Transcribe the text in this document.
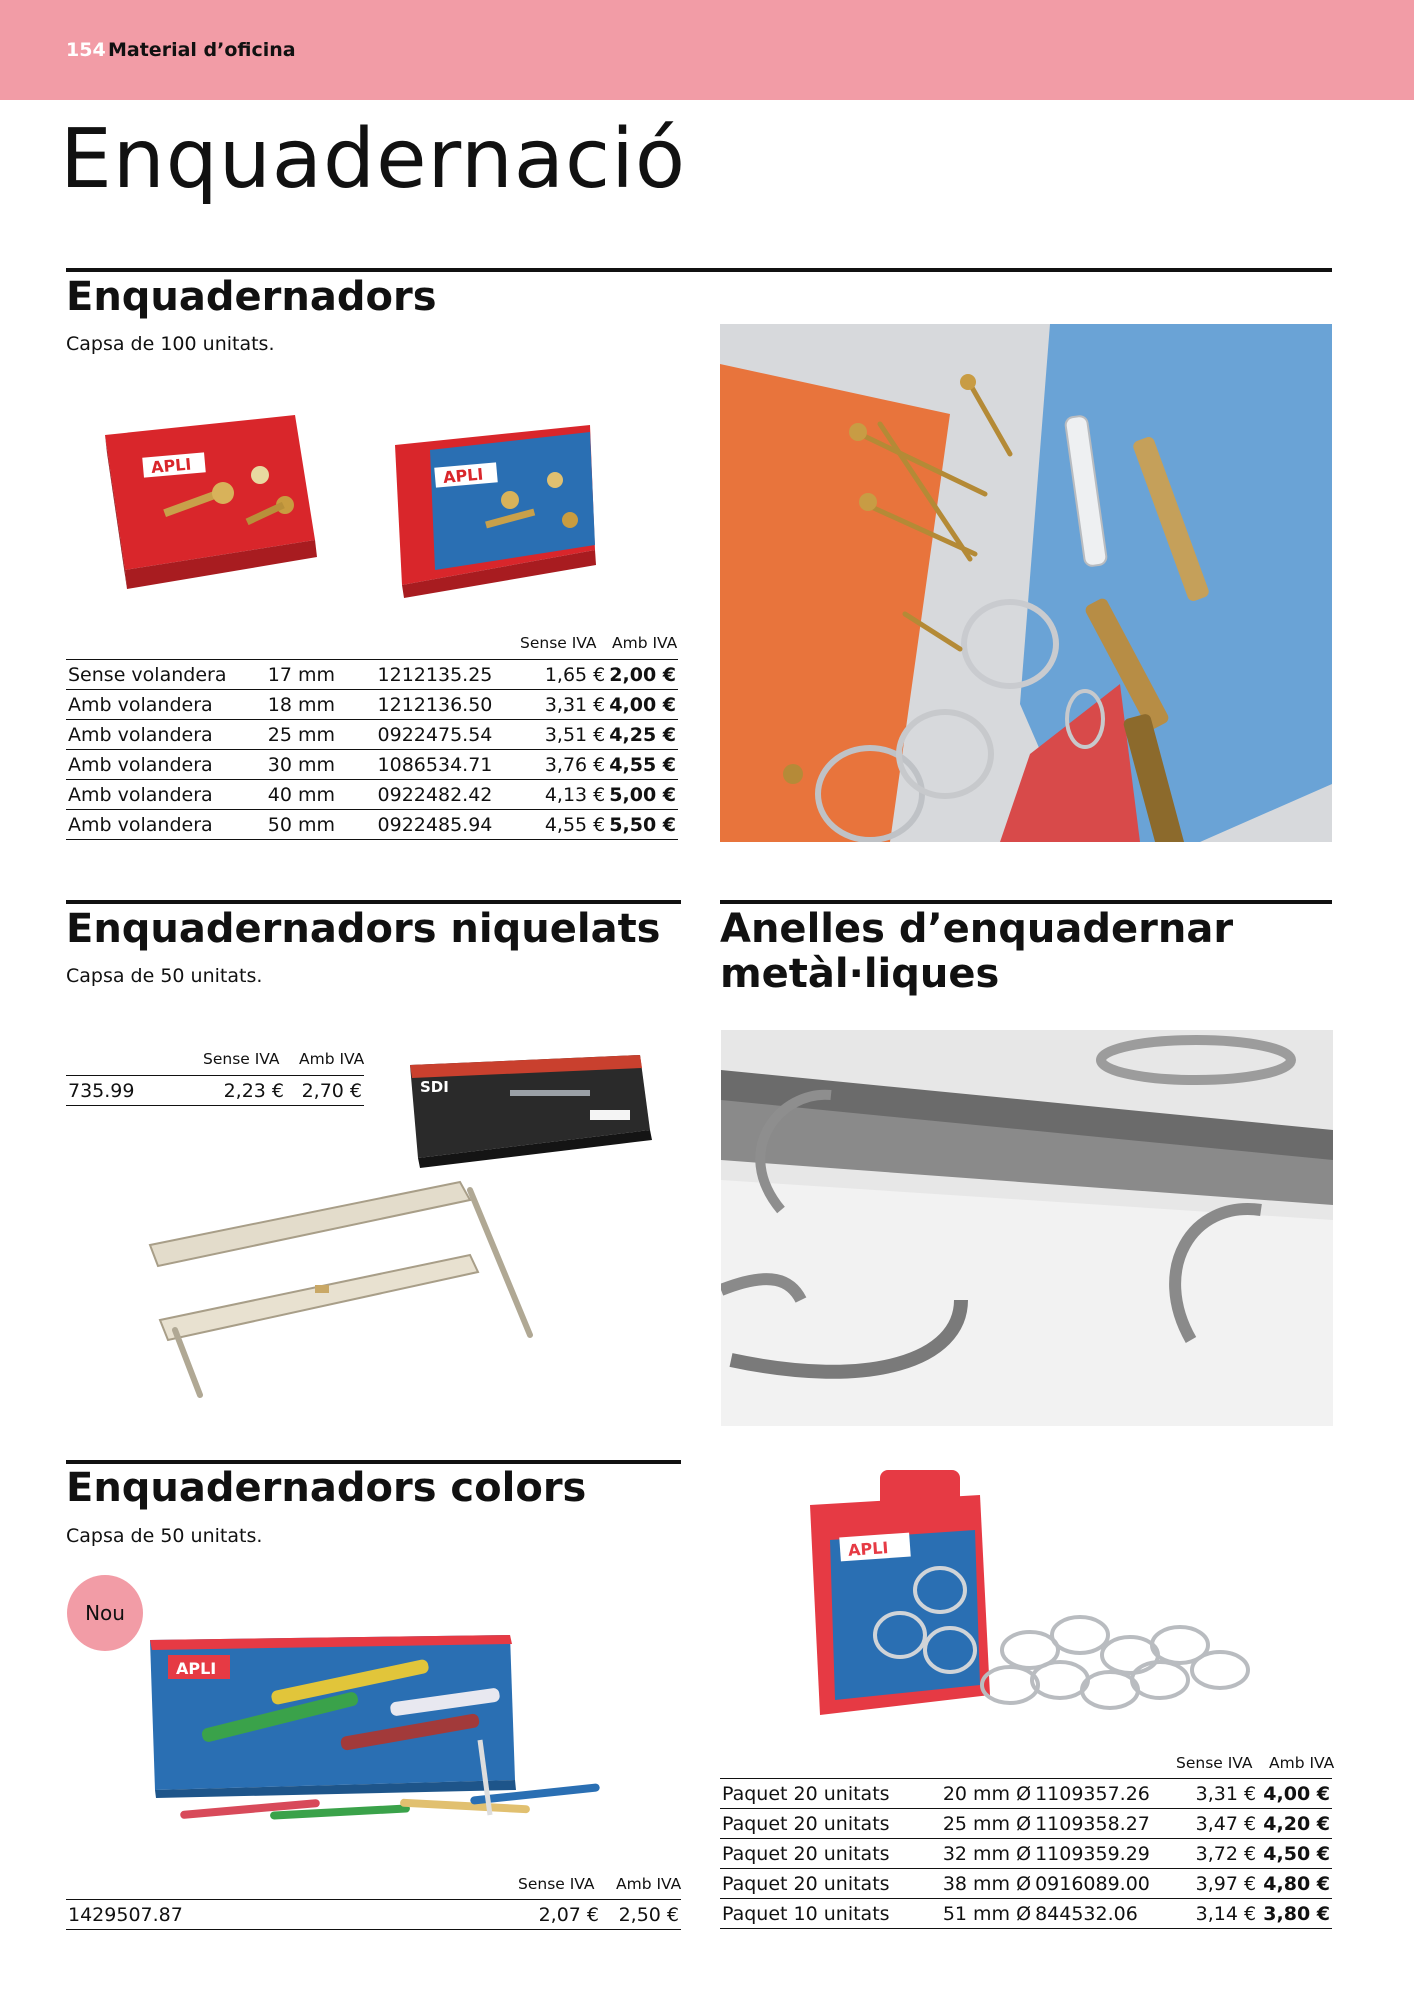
154 Material d’oficina
Enquadernació
Enquadernadors
Capsa de 100 unitats.
APLI	APLI
Sense IVA Amb IVA
Sense volandera	17 mm	1212135.25	1,65 €	2,00 €
Amb volandera	18 mm	1212136.50	3,31 €	4,00 €
Amb volandera	25 mm	0922475.54	3,51 €	4,25 €
Amb volandera	30 mm	1086534.71	3,76 €	4,55 €
Amb volandera	40 mm	0922482.42	4,13 €	5,00 €
Amb volandera	50 mm	0922485.94	4,55 €	5,50 €
Enquadernadors niquelats
Capsa de 50 unitats.
Sense IVA Amb IVA
735.99	2,23 €	2,70 €	SDI
Anelles d’enquadernar
metàl·liques
APLI
Sense IVA Amb IVA
Paquet 20 unitats	20 mm Ø	1109357.26	3,31 €	4,00 €
Paquet 20 unitats	25 mm Ø	1109358.27	3,47 €	4,20 €
Paquet 20 unitats	32 mm Ø	1109359.29	3,72 €	4,50 €
Paquet 20 unitats	38 mm Ø	0916089.00	3,97 €	4,80 €
Paquet 10 unitats	51 mm Ø	844532.06	3,14 €	3,80 €
Enquadernadors colors
Capsa de 50 unitats.
Nou
APLI
Sense IVA Amb IVA
1429507.87	2,07 €	2,50 €
